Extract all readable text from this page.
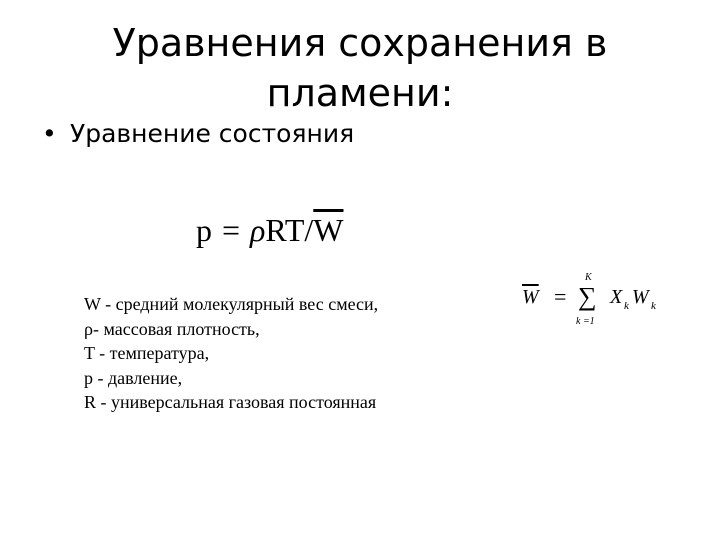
Уравнения сохранения в
пламени:
• Уравнение состояния
p = ρRT/$\overline{W}$
W - средний молекулярный вес смеси,
ρ- массовая плотность,
T - температура,
p - давление,
R - универсальная газовая постоянная
$\overline{W}$ =
K
∑
k =1
X k W k
